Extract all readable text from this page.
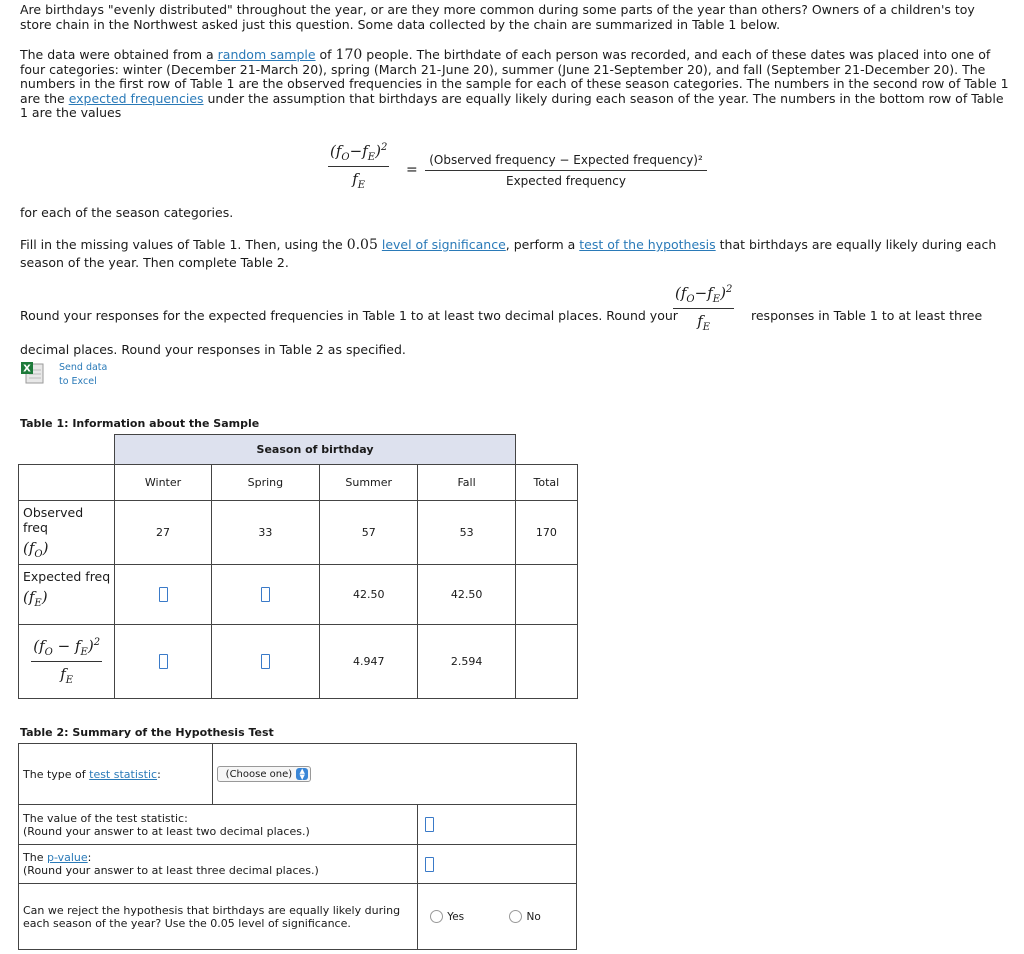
Are birthdays "evenly distributed" throughout the year, or are they more common during some parts of the year than others? Owners of a children's toy store chain in the Northwest asked just this question. Some data collected by the chain are summarized in Table 1 below.

The data were obtained from a random sample of 170 people. The birthdate of each person was recorded, and each of these dates was placed into one of four categories: winter (December 21-March 20), spring (March 21-June 20), summer (June 21-September 20), and fall (September 21-December 20). The numbers in the first row of Table 1 are the observed frequencies in the sample for each of these season categories. The numbers in the second row of Table 1 are the expected frequencies under the assumption that birthdays are equally likely during each season of the year. The numbers in the bottom row of Table 1 are the values

$\frac{(f_O-f_E)^2}{f_E}$ =
(Observed frequency − Expected frequency)²
Expected frequency

for each of the season categories.

Fill in the missing values of Table 1. Then, using the 0.05 level of significance, perform a test of the hypothesis that birthdays are equally likely during each season of the year. Then complete Table 2.

Round your responses for the expected frequencies in Table 1 to at least two decimal places. Round your
$\frac{(f_O-f_E)^2}{f_E}$ responses in Table 1 to at least three
decimal places. Round your responses in Table 2 as specified.
X	Send data
to Excel
Table 1: Information about the Sample
	Season of birthday				
	Winter	Spring	Summer	Fall	Total

Observed freq
$(f_O)$	27	33	57	53	170

Expected freq
$(f_E)$			42.50	42.50	

$\frac{(f_O - f_E)^2}{f_E}$			4.947	2.594	
Table 2: Summary of the Hypothesis Test
The type of test statistic:	(Choose one) ▲
▼	

The value of the test statistic:
(Round your answer to at least two decimal places.)		

The p-value:
(Round your answer to at least three decimal places.)		

Can we reject the hypothesis that birthdays are equally likely during
each season of the year? Use the 0.05 level of significance.		Yes No
